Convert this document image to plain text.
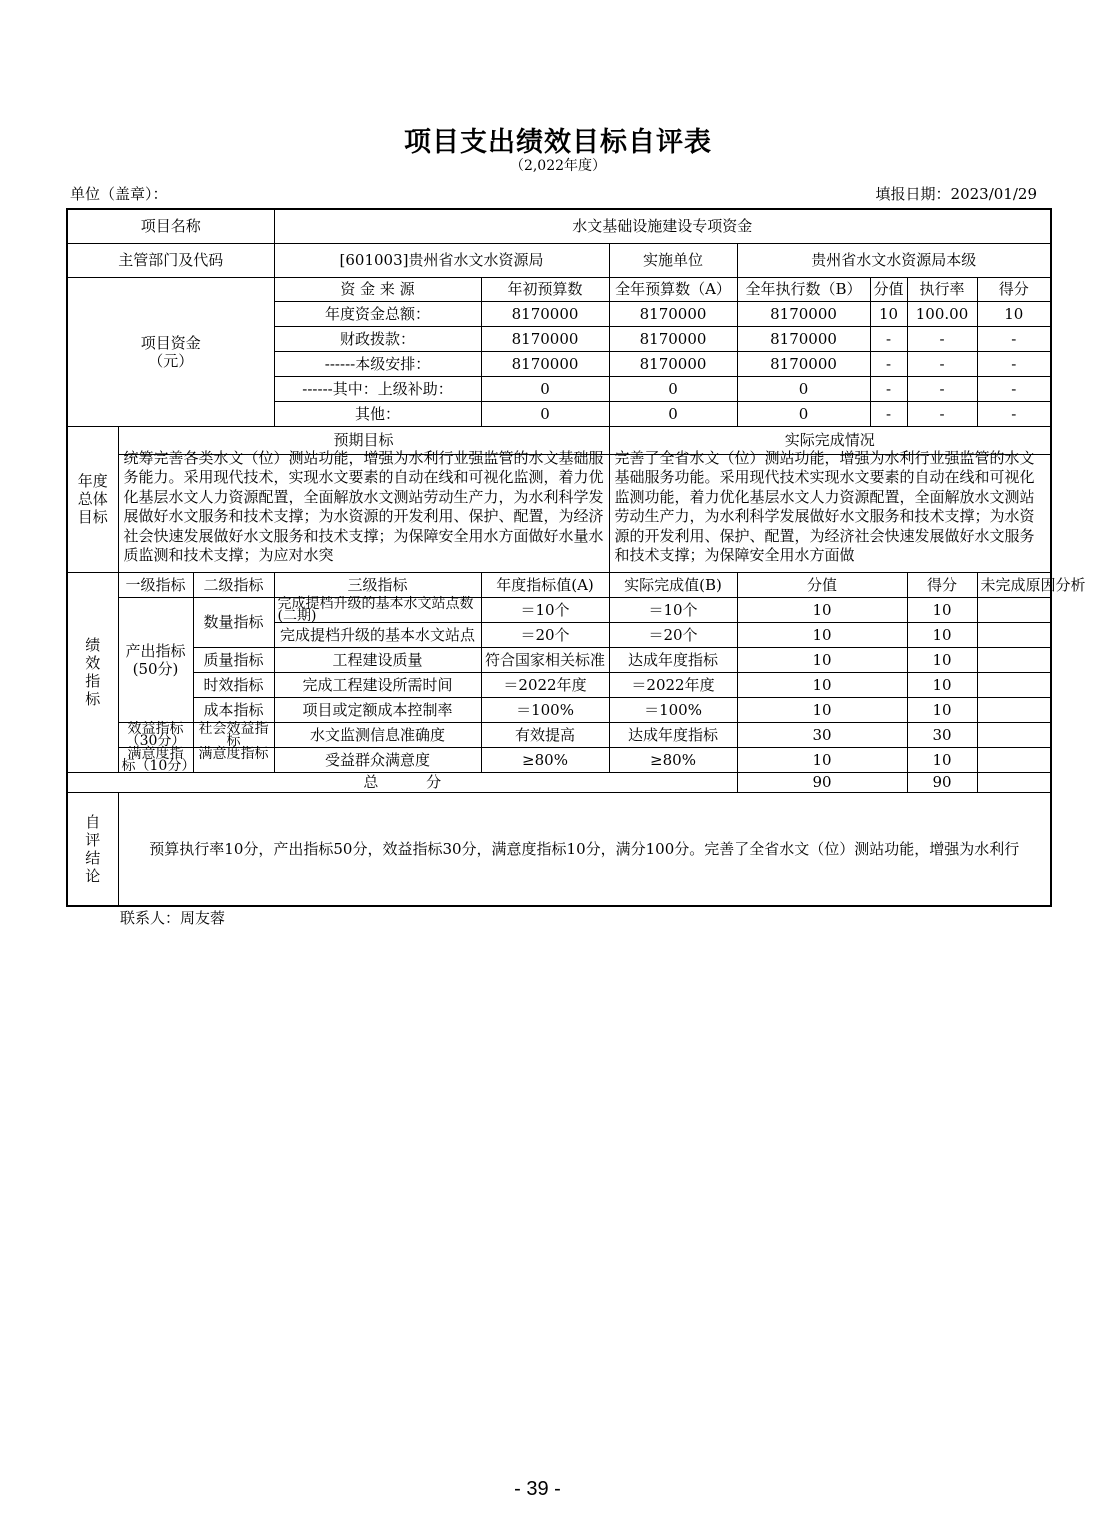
项目支出绩效目标自评表
（2,022年度）
单位（盖章）：	填报日期：2023/01/29
项目名称			水文基础设施建设专项资金						
主管部门及代码			[601003]贵州省水文水资源局		实施单位	贵州省水文水资源局本级			

项目资金
（元）			资 金 来 源	年初预算数	全年预算数（A）	全年执行数（B）	分值	执行率	得分
			年度资金总额：	8170000	8170000	8170000	10	100.00	10
			财政拨款：	8170000	8170000	8170000	-	-	-
			------本级安排：	8170000	8170000	8170000	-	-	-
			------其中：上级补助：	0	0	0	-	-	-
			其他：	0	0	0	-	-	-

年度
总体
目标	预期目标				实际完成情况				

	统筹完善各类水文（位）测站功能，增强为水利行业强监管的水文基础服务能力。采用现代技术，实现水文要素的自动在线和可视化监测，着力优化基层水文人力资源配置，全面解放水文测站劳动生产力，为水利科学发展做好水文服务和技术支撑；为水资源的开发利用、保护、配置，为经济社会快速发展做好水文服务和技术支撑；为保障安全用水方面做好水量水质监测和技术支撑；为应对水突				完善了全省水文（位）测站功能，增强为水利行业强监管的水文基础服务功能。采用现代技术实现水文要素的自动在线和可视化监测功能，着力优化基层水文人力资源配置，全面解放水文测站劳动生产力，为水利科学发展做好水文服务和技术支撑；为水资源的开发利用、保护、配置，为经济社会快速发展做好水文服务和技术支撑；为保障安全用水方面做				

绩
效
指
标	一级指标	二级指标	三级指标	年度指标值(A)	实际完成值(B)	分值		得分	未完成原因分析

	产出指标
(50分)	数量指标	完成提档升级的基本水文站点数(二期)	＝10个	＝10个	10		10	
			完成提档升级的基本水文站点	＝20个	＝20个	10		10	
		质量指标	工程建设质量	符合国家相关标准	达成年度指标	10		10	
		时效指标	完成工程建设所需时间	＝2022年度	＝2022年度	10		10	
		成本指标	项目或定额成本控制率	＝100%	＝100%	10		10	

	效益指标（30分）	社会效益指标	水文监测信息准确度	有效提高	达成年度指标	30		30	

	满意度指标（10分）	满意度指标	受益群众满意度	≥80%	≥80%	10		10	
总          分						90		90	

自
评
结
论	预算执行率10分，产出指标50分，效益指标30分，满意度指标10分，满分100分。完善了全省水文（位）测站功能，增强为水利行								
联系人：周友蓉
- 39 -
